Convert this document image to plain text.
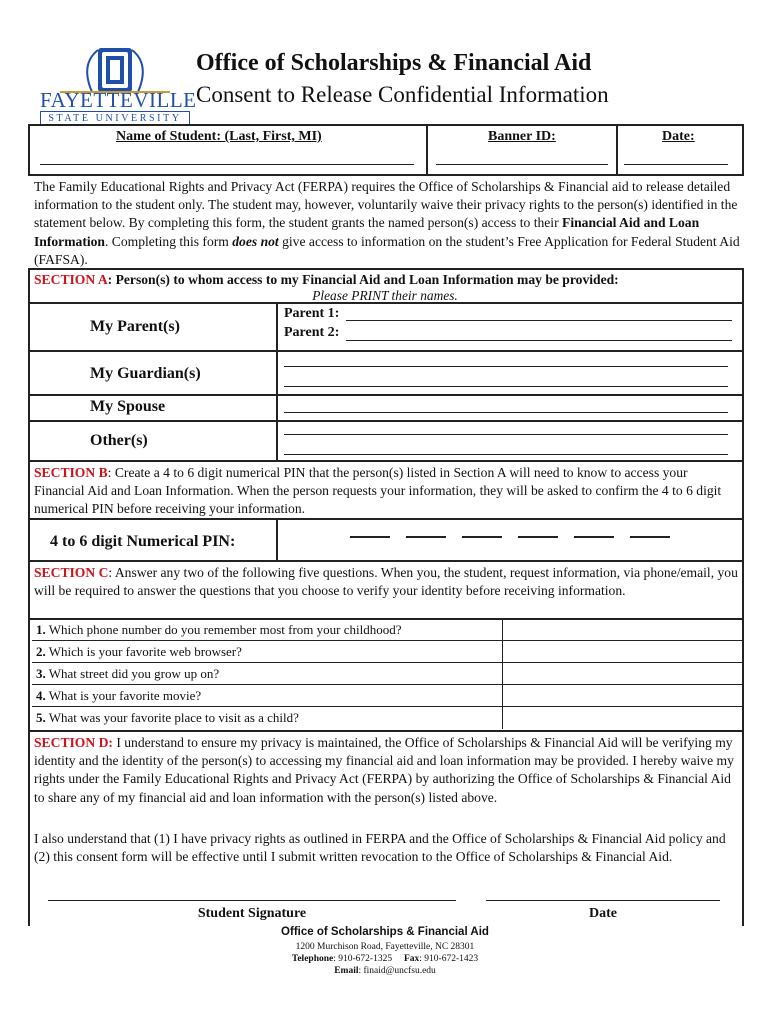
FAYETTEVILLE
STATE UNIVERSITY
Office of Scholarships & Financial Aid
Consent to Release Confidential Information
Name of Student: (Last, First, MI)	Banner ID:	Date:
The Family Educational Rights and Privacy Act (FERPA) requires the Office of Scholarships & Financial aid to release detailed information to the student only. The student may, however, voluntarily waive their privacy rights to the person(s) identified in the statement below. By completing this form, the student grants the named person(s) access to their Financial Aid and Loan Information. Completing this form does not give access to information on the student’s Free Application for Federal Student Aid (FAFSA).
SECTION A: Person(s) to whom access to my Financial Aid and Loan Information may be provided:
Please PRINT their names.
My Parent(s)
Parent 1:
Parent 2:
My Guardian(s)
My Spouse
Other(s)
SECTION B: Create a 4 to 6 digit numerical PIN that the person(s) listed in Section A will need to know to access your Financial Aid and Loan Information. When the person requests your information, they will be asked to confirm the 4 to 6 digit numerical PIN before receiving your information.
4 to 6 digit Numerical PIN:
SECTION C: Answer any two of the following five questions. When you, the student, request information, via phone/email, you will be required to answer the questions that you choose to verify your identity before receiving information.
1. Which phone number do you remember most from your childhood?
2. Which is your favorite web browser?
3. What street did you grow up on?
4. What is your favorite movie?
5. What was your favorite place to visit as a child?
SECTION D: I understand to ensure my privacy is maintained, the Office of Scholarships & Financial Aid will be verifying my identity and the identity of the person(s) to accessing my financial aid and loan information may be provided. I hereby waive my rights under the Family Educational Rights and Privacy Act (FERPA) by authorizing the Office of Scholarships & Financial Aid to share any of my financial aid and loan information with the person(s) listed above.
I also understand that (1) I have privacy rights as outlined in FERPA and the Office of Scholarships & Financial Aid policy and (2) this consent form will be effective until I submit written revocation to the Office of Scholarships & Financial Aid.
Student Signature	Date
Office of Scholarships & Financial Aid
1200 Murchison Road, Fayetteville, NC 28301
Telephone: 910-672-1325 Fax: 910-672-1423
Email: finaid@uncfsu.edu
